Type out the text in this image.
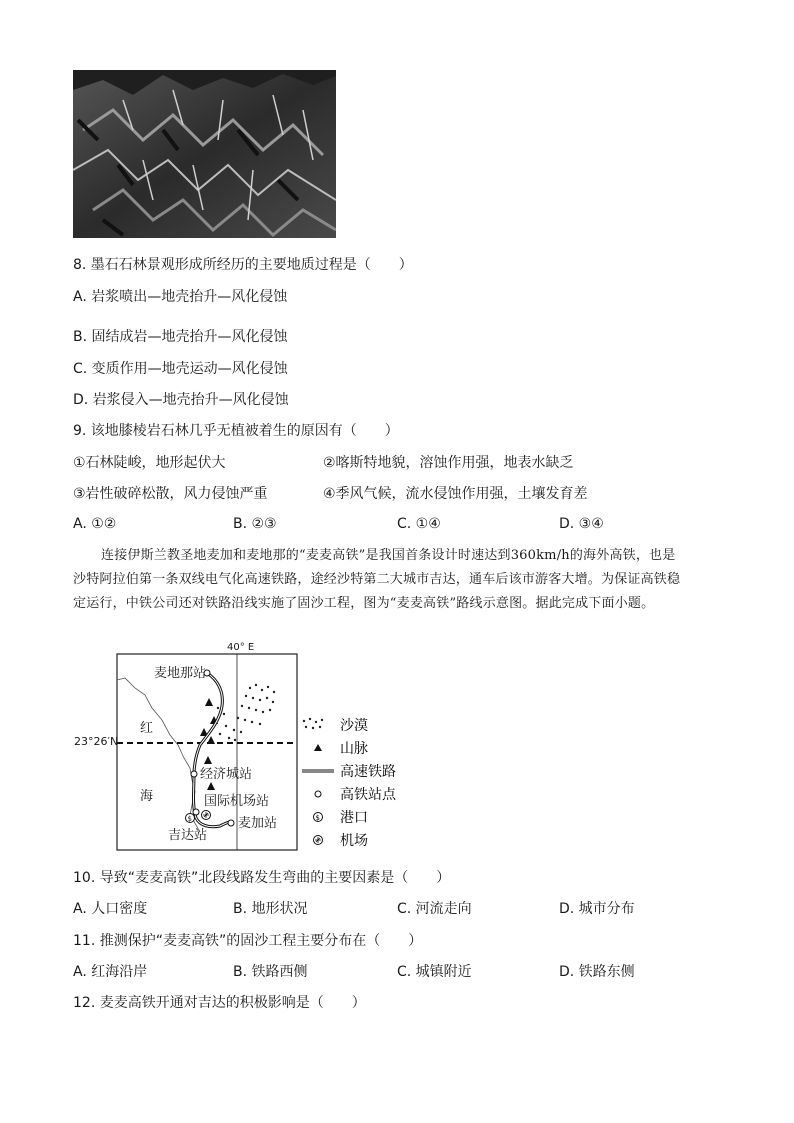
8. 墨石石林景观形成所经历的主要地质过程是（　　）
A. 岩浆喷出—地壳抬升—风化侵蚀
B. 固结成岩—地壳抬升—风化侵蚀
C. 变质作用—地壳运动—风化侵蚀
D. 岩浆侵入—地壳抬升—风化侵蚀
9. 该地膝棱岩石林几乎无植被着生的原因有（　　）
①石林陡峻，地形起伏大	②喀斯特地貌，溶蚀作用强，地表水缺乏
③岩性破碎松散，风力侵蚀严重	④季风气候，流水侵蚀作用强，土壤发育差
A. ①②	B. ②③	C. ①④	D. ③④

连接伊斯兰教圣地麦加和麦地那的“麦麦高铁”是我国首条设计时速达到360km/h的海外高铁，也是

沙特阿拉伯第一条双线电气化高速铁路，途经沙特第二大城市吉达，通车后该市游客大增。为保证高铁稳

定运行，中铁公司还对铁路沿线实施了固沙工程，图为“麦麦高铁”路线示意图。据此完成下面小题。

40° E
$
麦地那站
经济城站
国际机场站
吉达站
麦加站
红
海
23°26′N
沙漠
山脉
高速铁路
高铁站点
$ 港口
机场
10. 导致“麦麦高铁”北段线路发生弯曲的主要因素是（　　）
A. 人口密度	B. 地形状况	C. 河流走向	D. 城市分布
11. 推测保护“麦麦高铁”的固沙工程主要分布在（　　）
A. 红海沿岸	B. 铁路西侧	C. 城镇附近	D. 铁路东侧
12. 麦麦高铁开通对吉达的积极影响是（　　）
